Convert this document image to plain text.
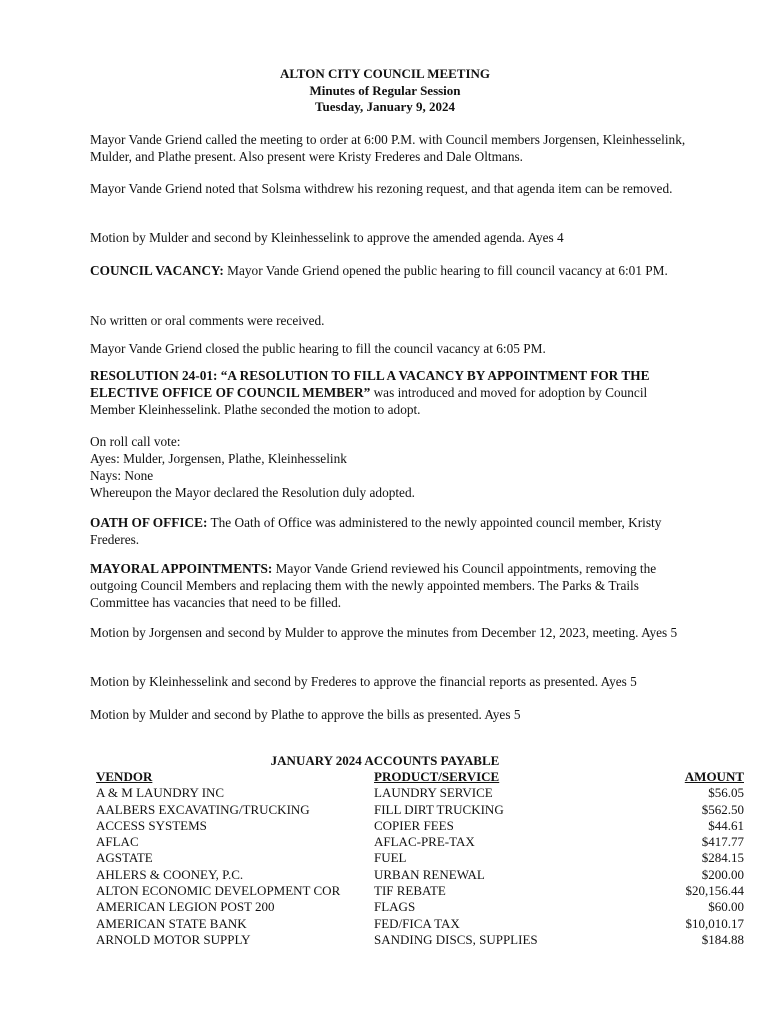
ALTON CITY COUNCIL MEETING
Minutes of Regular Session
Tuesday, January 9, 2024

Mayor Vande Griend called the meeting to order at 6:00 P.M. with Council members Jorgensen, Kleinhesselink, Mulder, and Plathe present. Also present were Kristy Frederes and Dale Oltmans.

Mayor Vande Griend noted that Solsma withdrew his rezoning request, and that agenda item can be removed.

Motion by Mulder and second by Kleinhesselink to approve the amended agenda. Ayes 4

COUNCIL VACANCY: Mayor Vande Griend opened the public hearing to fill council vacancy at 6:01 PM.

No written or oral comments were received.

Mayor Vande Griend closed the public hearing to fill the council vacancy at 6:05 PM.

RESOLUTION 24-01: “A RESOLUTION TO FILL A VACANCY BY APPOINTMENT FOR THE ELECTIVE OFFICE OF COUNCIL MEMBER” was introduced and moved for adoption by Council Member Kleinhesselink. Plathe seconded the motion to adopt.

On roll call vote:
Ayes: Mulder, Jorgensen, Plathe, Kleinhesselink
Nays: None
Whereupon the Mayor declared the Resolution duly adopted.

OATH OF OFFICE: The Oath of Office was administered to the newly appointed council member, Kristy Frederes.

MAYORAL APPOINTMENTS: Mayor Vande Griend reviewed his Council appointments, removing the outgoing Council Members and replacing them with the newly appointed members. The Parks & Trails Committee has vacancies that need to be filled.

Motion by Jorgensen and second by Mulder to approve the minutes from December 12, 2023, meeting. Ayes 5

Motion by Kleinhesselink and second by Frederes to approve the financial reports as presented. Ayes 5

Motion by Mulder and second by Plathe to approve the bills as presented. Ayes 5

JANUARY 2024 ACCOUNTS PAYABLE
VENDOR	PRODUCT/SERVICE	AMOUNT
A & M LAUNDRY INC	LAUNDRY SERVICE	$56.05
AALBERS EXCAVATING/TRUCKING	FILL DIRT TRUCKING	$562.50
ACCESS SYSTEMS	COPIER FEES	$44.61
AFLAC	AFLAC-PRE-TAX	$417.77
AGSTATE	FUEL	$284.15
AHLERS & COONEY, P.C.	URBAN RENEWAL	$200.00
ALTON ECONOMIC DEVELOPMENT COR	TIF REBATE	$20,156.44
AMERICAN LEGION POST 200	FLAGS	$60.00
AMERICAN STATE BANK	FED/FICA TAX	$10,010.17
ARNOLD MOTOR SUPPLY	SANDING DISCS, SUPPLIES	$184.88
